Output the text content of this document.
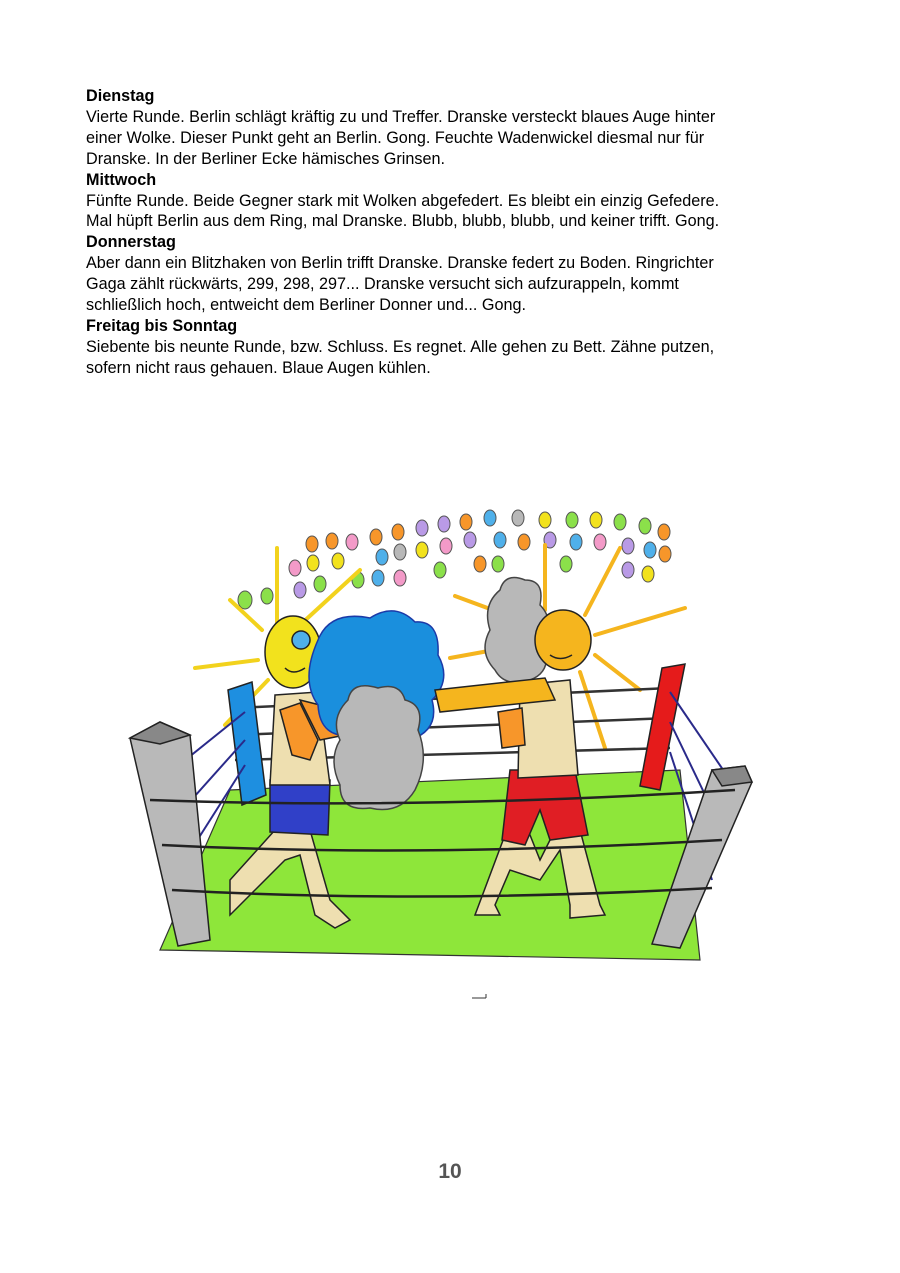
Dienstag

Vierte Runde. Berlin schlägt kräftig zu und Treffer. Dranske versteckt blaues Auge hinter

einer Wolke. Dieser Punkt geht an Berlin. Gong. Feuchte Wadenwickel diesmal nur für

Dranske. In der Berliner Ecke hämisches Grinsen.

Mittwoch

Fünfte Runde. Beide Gegner stark mit Wolken abgefedert. Es bleibt ein einzig Gefedere.

Mal hüpft Berlin aus dem Ring, mal Dranske. Blubb, blubb, blubb, und keiner trifft. Gong.

Donnerstag

Aber dann ein Blitzhaken von Berlin trifft Dranske. Dranske federt zu Boden. Ringrichter

Gaga zählt rückwärts, 299, 298, 297... Dranske versucht sich aufzurappeln, kommt

schließlich hoch, entweicht dem Berliner Donner und... Gong.

Freitag bis Sonntag

Siebente bis neunte Runde, bzw. Schluss. Es regnet. Alle gehen zu Bett. Zähne putzen,

sofern nicht raus gehauen. Blaue Augen kühlen.

10
